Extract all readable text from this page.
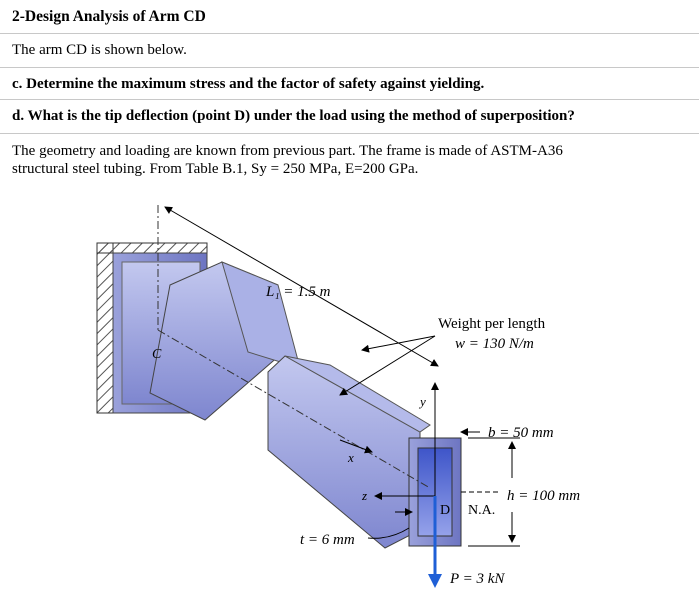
2-Design Analysis of Arm CD
The arm CD is shown below.
c. Determine the maximum stress and the factor of safety against yielding.
d. What is the tip deflection (point D) under the load using the method of superposition?
The geometry and loading are known from previous part. The frame is made of ASTM-A36
structural steel tubing. From Table B.1, Sy = 250 MPa, E=200 GPa.
L₁ = 1.5 m
C
Weight per length
w = 130 N/m
y
x
z
t = 6 mm
b = 50 mm
h = 100 mm
N.A.
D
P = 3 kN
